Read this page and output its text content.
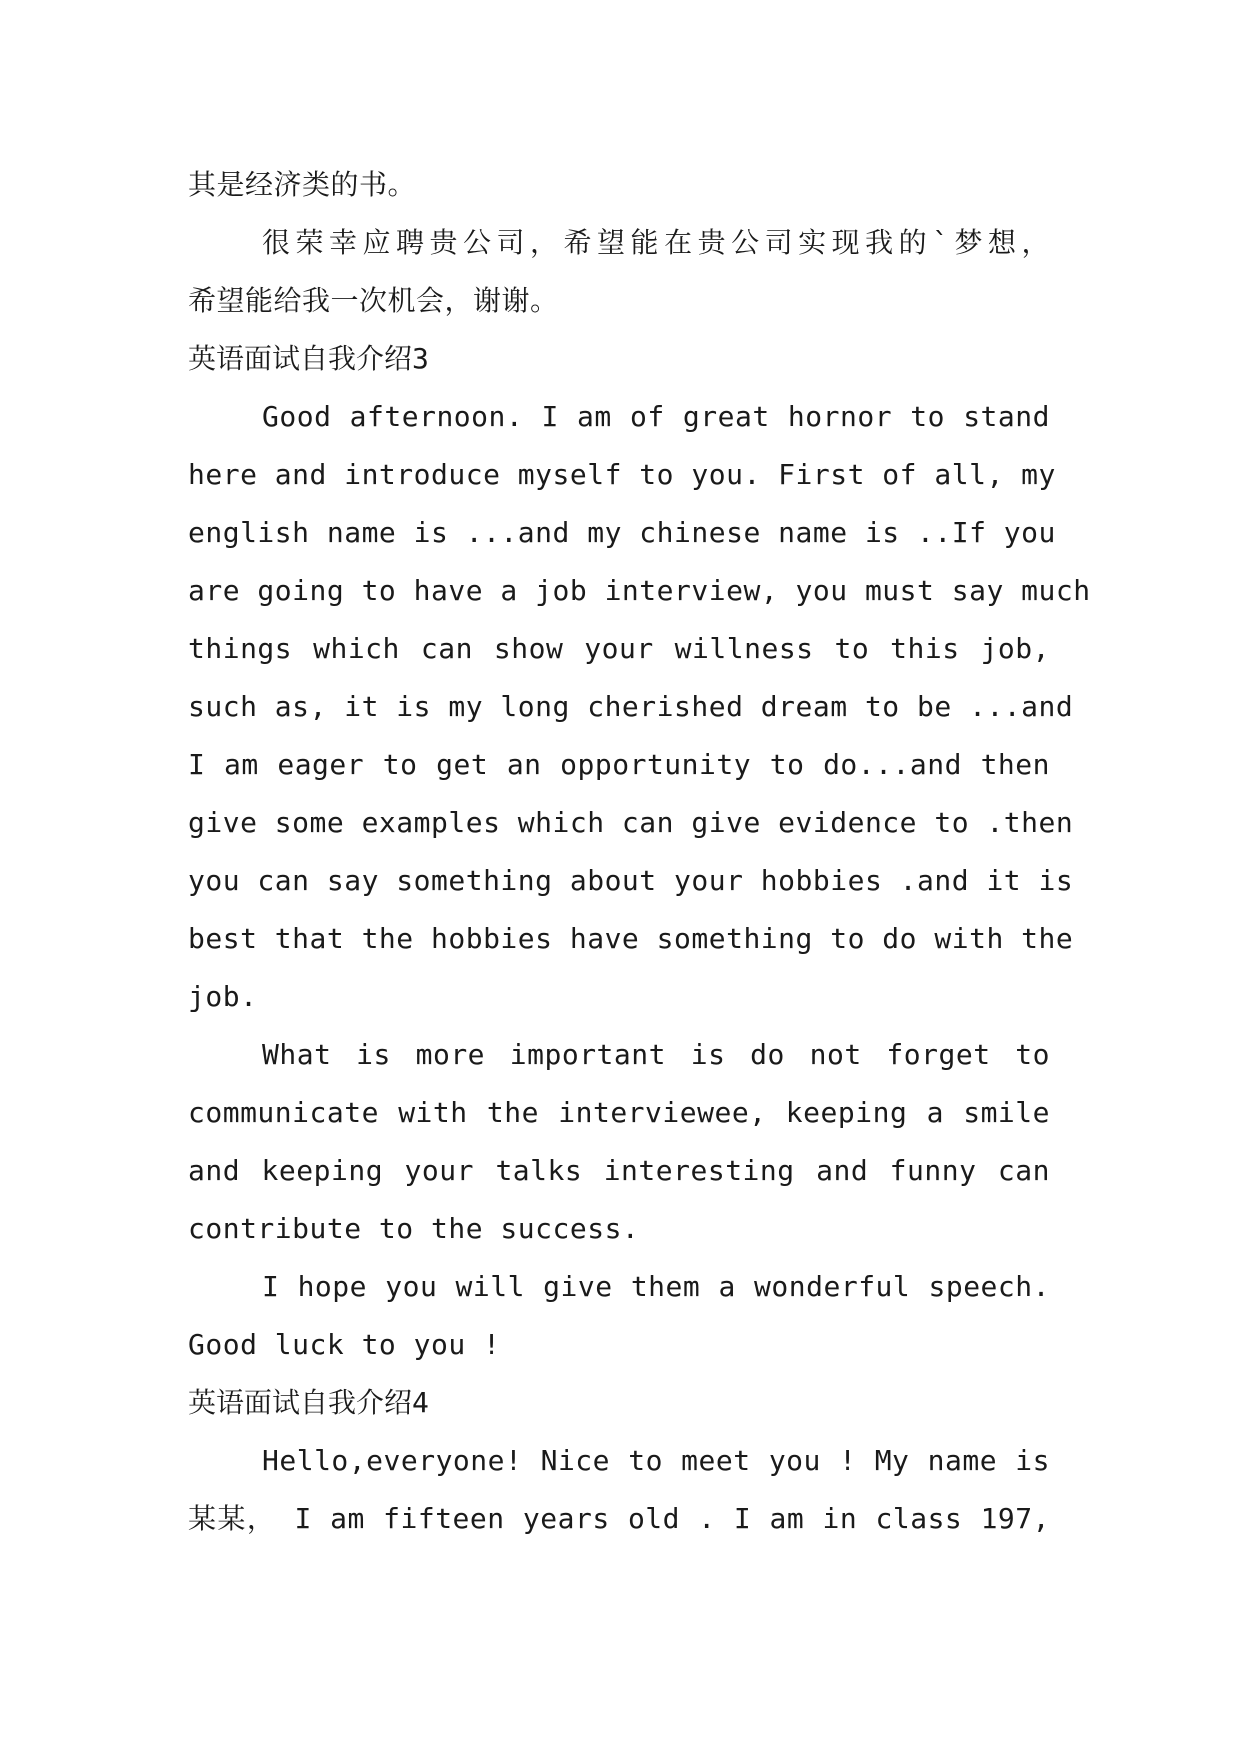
其是经济类的书。
很荣幸应聘贵公司，希望能在贵公司实现我的`梦想，
希望能给我一次机会，谢谢。
英语面试自我介绍3
Good afternoon. I am of great hornor to stand
here and introduce myself to you. First of all, my
english name is ...and my chinese name is ..If you
are going to have a job interview, you must say much
things which can show your willness to this job,
such as, it is my long cherished dream to be ...and
I am eager to get an opportunity to do...and then
give some examples which can give evidence to .then
you can say something about your hobbies .and it is
best that the hobbies have something to do with the
job.
What is more important is do not forget to
communicate with the interviewee, keeping a smile
and keeping your talks interesting and funny can
contribute to the success.
I hope you will give them a wonderful speech.
Good luck to you !
英语面试自我介绍4
Hello,everyone! Nice to meet you ! My name is
某某， I am fifteen years old . I am in class 197,
